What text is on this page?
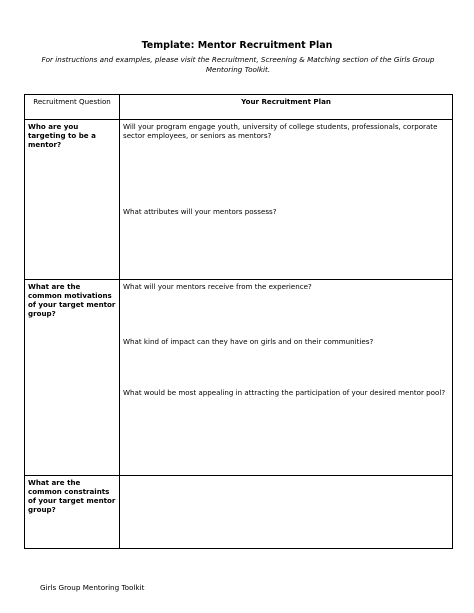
Template: Mentor Recruitment Plan
For instructions and examples, please visit the Recruitment, Screening & Matching section of the Girls Group Mentoring Toolkit.
Recruitment Question	Your Recruitment Plan
Who are you targeting to be a mentor?	Will your program engage youth, university of college students, professionals, corporate sector employees, or seniors as mentors?
What attributes will your mentors possess?

What are the common motivations of your target mentor group?	What will your mentors receive from the experience?
What kind of impact can they have on girls and on their communities?
What would be most appealing in attracting the participation of your desired mentor pool?

What are the common constraints of your target mentor group?	
Girls Group Mentoring Toolkit
